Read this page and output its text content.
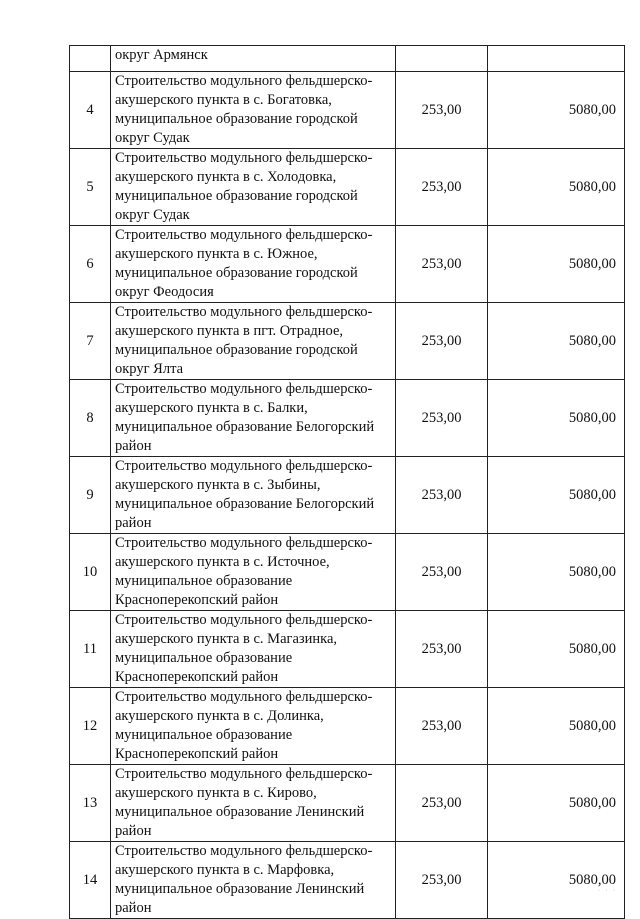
	округ Армянск		

4	Строительство модульного фельдшерско-
акушерского пункта в с. Богатовка,
муниципальное образование городской
округ Судак	253,00	5080,00
5	Строительство модульного фельдшерско-
акушерского пункта в с. Холодовка,
муниципальное образование городской
округ Судак	253,00	5080,00
6	Строительство модульного фельдшерско-
акушерского пункта в с. Южное,
муниципальное образование городской
округ Феодосия	253,00	5080,00
7	Строительство модульного фельдшерско-
акушерского пункта в пгт. Отрадное,
муниципальное образование городской
округ Ялта	253,00	5080,00
8	Строительство модульного фельдшерско-
акушерского пункта в с. Балки,
муниципальное образование Белогорский
район	253,00	5080,00
9	Строительство модульного фельдшерско-
акушерского пункта в с. Зыбины,
муниципальное образование Белогорский
район	253,00	5080,00
10	Строительство модульного фельдшерско-
акушерского пункта в с. Источное,
муниципальное образование
Красноперекопский район	253,00	5080,00
11	Строительство модульного фельдшерско-
акушерского пункта в с. Магазинка,
муниципальное образование
Красноперекопский район	253,00	5080,00
12	Строительство модульного фельдшерско-
акушерского пункта в с. Долинка,
муниципальное образование
Красноперекопский район	253,00	5080,00
13	Строительство модульного фельдшерско-
акушерского пункта в с. Кирово,
муниципальное образование Ленинский
район	253,00	5080,00
14	Строительство модульного фельдшерско-
акушерского пункта в с. Марфовка,
муниципальное образование Ленинский
район	253,00	5080,00
· · ·
